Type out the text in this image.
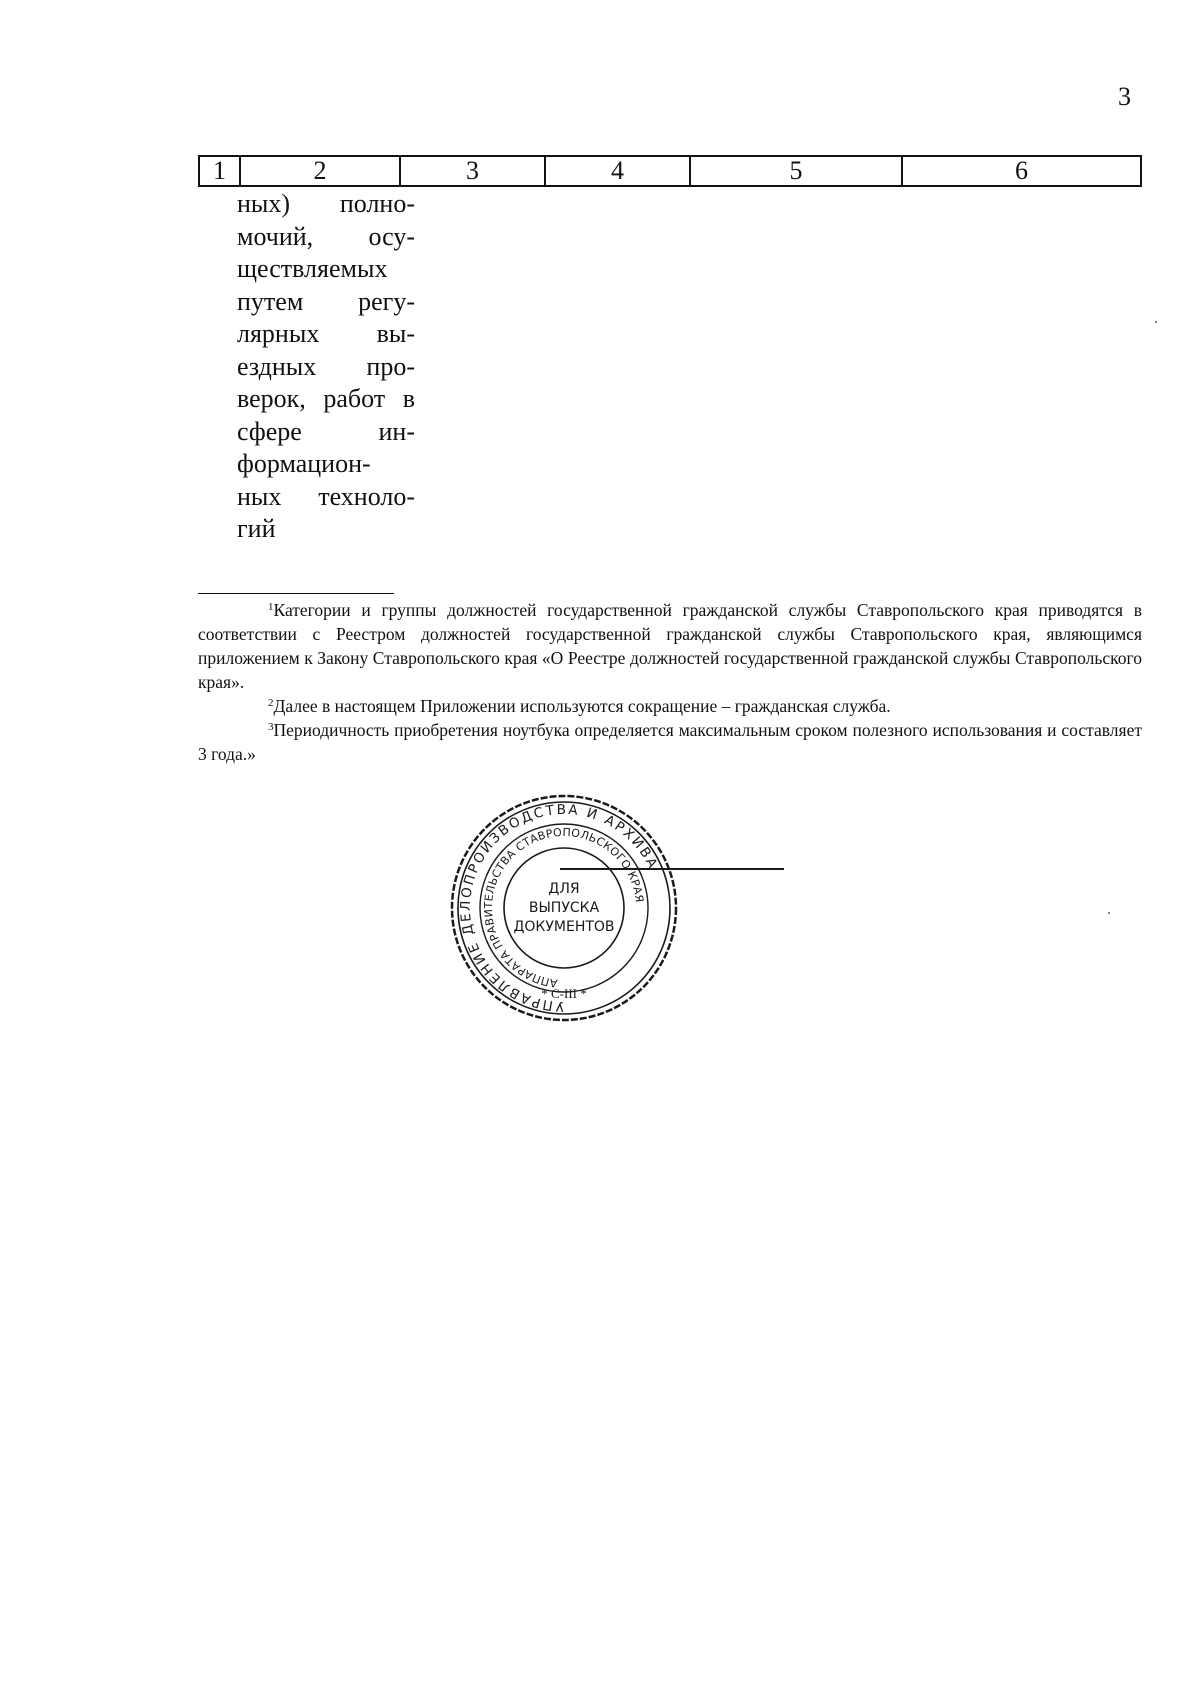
3
1	2	3	4	5	6
ных) полно-
мочий, осу-
ществляемых
путем регу-
лярных вы-
ездных про-
верок, работ в
сфере ин-
формацион-
ных техноло-
гий

$^1$Категории и группы должностей государственной гражданской службы Ставропольского края приводятся в соответствии с Реестром должностей государственной гражданской службы Ставропольского края, являющимся приложением к Закону Ставропольского края «О Реестре должностей государственной гражданской службы Ставропольского края».

$^2$Далее в настоящем Приложении используются сокращение – гражданская служба.

$^3$Периодичность приобретения ноутбука определяется максимальным сроком полезного использования и составляет 3 года.»

УПРАВЛЕНИЕ ДЕЛОПРОИЗВОДСТВА И АРХИВА
АППАРАТА ПРАВИТЕЛЬСТВА СТАВРОПОЛЬСКОГО КРАЯ
ДЛЯ
ВЫПУСКА
ДОКУМЕНТОВ
* С-III *
